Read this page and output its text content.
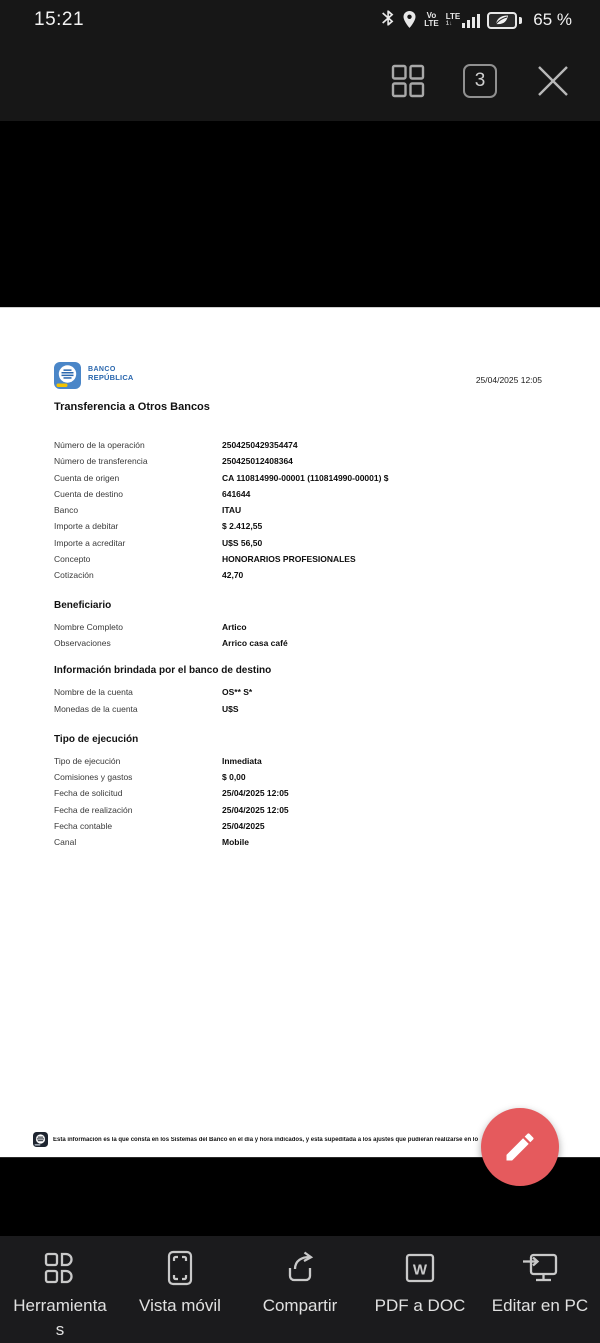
15:21	Vo
LTE
LTE
1↓	65 %
3
BANCO
REPÚBLICA	25/04/2025 12:05
Transferencia a Otros Bancos
Número de la operación	2504250429354474
Número de transferencia	250425012408364
Cuenta de origen	CA 110814990-00001 (110814990-00001) $
Cuenta de destino	641644
Banco	ITAU
Importe a debitar	$ 2.412,55
Importe a acreditar	U$S 56,50
Concepto	HONORARIOS PROFESIONALES
Cotización	42,70
Beneficiario
Nombre Completo	Artico
Observaciones	Arrico casa café
Información brindada por el banco de destino
Nombre de la cuenta	OS** S*
Monedas de la cuenta	U$S
Tipo de ejecución
Tipo de ejecución	Inmediata
Comisiones y gastos	$ 0,00
Fecha de solicitud	25/04/2025 12:05
Fecha de realización	25/04/2025 12:05
Fecha contable	25/04/2025
Canal	Mobile
Esta información es la que consta en los Sistemas del Banco en el día y hora indicados, y está supeditada a los ajustes que pudieran realizarse en lo
Herramientas
Vista móvil Compartir
W
PDF a DOC Editar en PC
